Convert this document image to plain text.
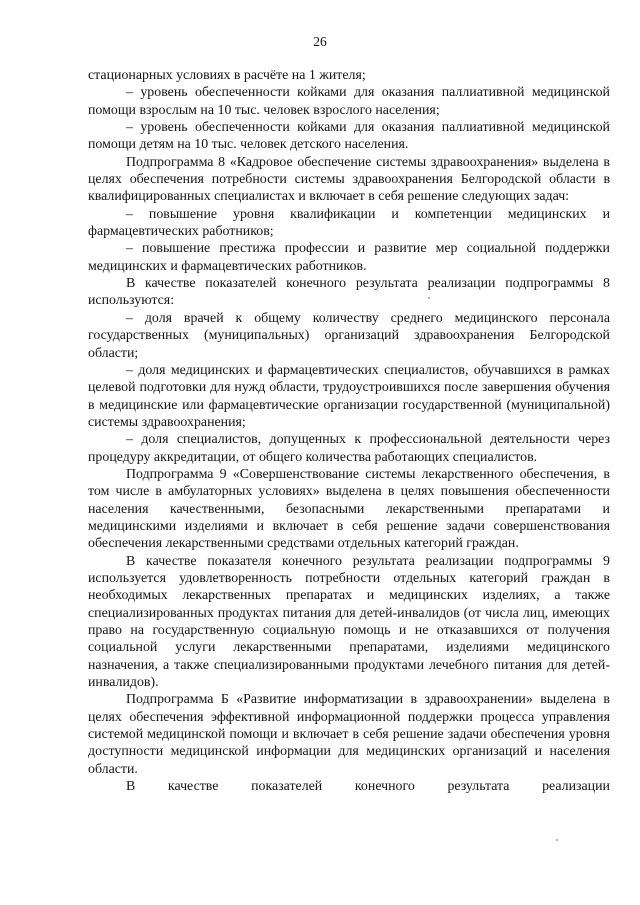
26

стационарных условиях в расчёте на 1 жителя;

– уровень обеспеченности койками для оказания паллиативной медицинской помощи взрослым на 10 тыс. человек взрослого населения;

– уровень обеспеченности койками для оказания паллиативной медицинской помощи детям на 10 тыс. человек детского населения.

Подпрограмма 8 «Кадровое обеспечение системы здравоохранения» выделена в целях обеспечения потребности системы здравоохранения Белгородской области в квалифицированных специалистах и включает в себя решение следующих задач:

– повышение уровня квалификации и компетенции медицинских и фармацевтических работников;

– повышение престижа профессии и развитие мер социальной поддержки медицинских и фармацевтических работников.

В качестве показателей конечного результата реализации подпрограммы 8 используются:

– доля врачей к общему количеству среднего медицинского персонала государственных (муниципальных) организаций здравоохранения Белгородской области;

– доля медицинских и фармацевтических специалистов, обучавшихся в рамках целевой подготовки для нужд области, трудоустроившихся после завершения обучения в медицинские или фармацевтические организации государственной (муниципальной) системы здравоохранения;

– доля специалистов, допущенных к профессиональной деятельности через процедуру аккредитации, от общего количества работающих специалистов.

Подпрограмма 9 «Совершенствование системы лекарственного обеспечения, в том числе в амбулаторных условиях» выделена в целях повышения обеспеченности населения качественными, безопасными лекарственными препаратами и медицинскими изделиями и включает в себя решение задачи совершенствования обеспечения лекарственными средствами отдельных категорий граждан.

В качестве показателя конечного результата реализации подпрограммы 9 используется удовлетворенность потребности отдельных категорий граждан в необходимых лекарственных препаратах и медицинских изделиях, а также специализированных продуктах питания для детей-инвалидов (от числа лиц, имеющих право на государственную социальную помощь и не отказавшихся от получения социальной услуги лекарственными препаратами, изделиями медицинского назначения, а также специализированными продуктами лечебного питания для детей-инвалидов).

Подпрограмма Б «Развитие информатизации в здравоохранении» выделена в целях обеспечения эффективной информационной поддержки процесса управления системой медицинской помощи и включает в себя решение задачи обеспечения уровня доступности медицинской информации для медицинских организаций и населения области.

В качестве показателей конечного результата реализации
